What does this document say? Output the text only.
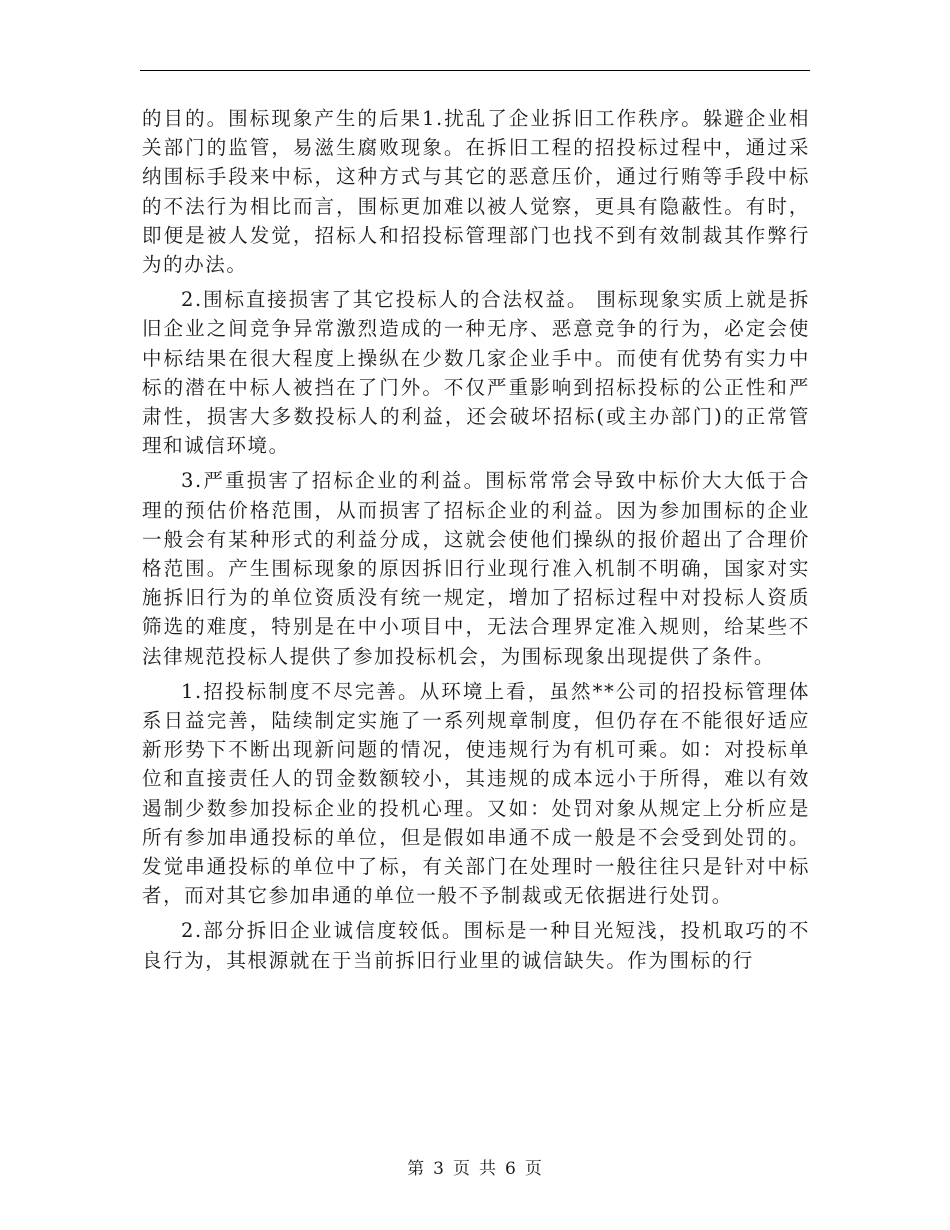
的目的。围标现象产生的后果1.扰乱了企业拆旧工作秩序。躲避企业相关部门的监管，易滋生腐败现象。在拆旧工程的招投标过程中，通过采纳围标手段来中标，这种方式与其它的恶意压价，通过行贿等手段中标的不法行为相比而言，围标更加难以被人觉察，更具有隐蔽性。有时，即便是被人发觉，招标人和招投标管理部门也找不到有效制裁其作弊行为的办法。

2.围标直接损害了其它投标人的合法权益。 围标现象实质上就是拆旧企业之间竞争异常激烈造成的一种无序、恶意竞争的行为，必定会使中标结果在很大程度上操纵在少数几家企业手中。而使有优势有实力中标的潜在中标人被挡在了门外。不仅严重影响到招标投标的公正性和严肃性，损害大多数投标人的利益，还会破坏招标(或主办部门)的正常管理和诚信环境。

3.严重损害了招标企业的利益。围标常常会导致中标价大大低于合理的预估价格范围，从而损害了招标企业的利益。因为参加围标的企业一般会有某种形式的利益分成，这就会使他们操纵的报价超出了合理价格范围。产生围标现象的原因拆旧行业现行准入机制不明确，国家对实施拆旧行为的单位资质没有统一规定，增加了招标过程中对投标人资质筛选的难度，特别是在中小项目中，无法合理界定准入规则，给某些不法律规范投标人提供了参加投标机会，为围标现象出现提供了条件。

1.招投标制度不尽完善。从环境上看，虽然**公司的招投标管理体系日益完善，陆续制定实施了一系列规章制度，但仍存在不能很好适应新形势下不断出现新问题的情况，使违规行为有机可乘。如：对投标单位和直接责任人的罚金数额较小，其违规的成本远小于所得，难以有效遏制少数参加投标企业的投机心理。又如：处罚对象从规定上分析应是所有参加串通投标的单位，但是假如串通不成一般是不会受到处罚的。发觉串通投标的单位中了标，有关部门在处理时一般往往只是针对中标者，而对其它参加串通的单位一般不予制裁或无依据进行处罚。

2.部分拆旧企业诚信度较低。围标是一种目光短浅，投机取巧的不良行为，其根源就在于当前拆旧行业里的诚信缺失。作为围标的行

第 3 页 共 6 页
